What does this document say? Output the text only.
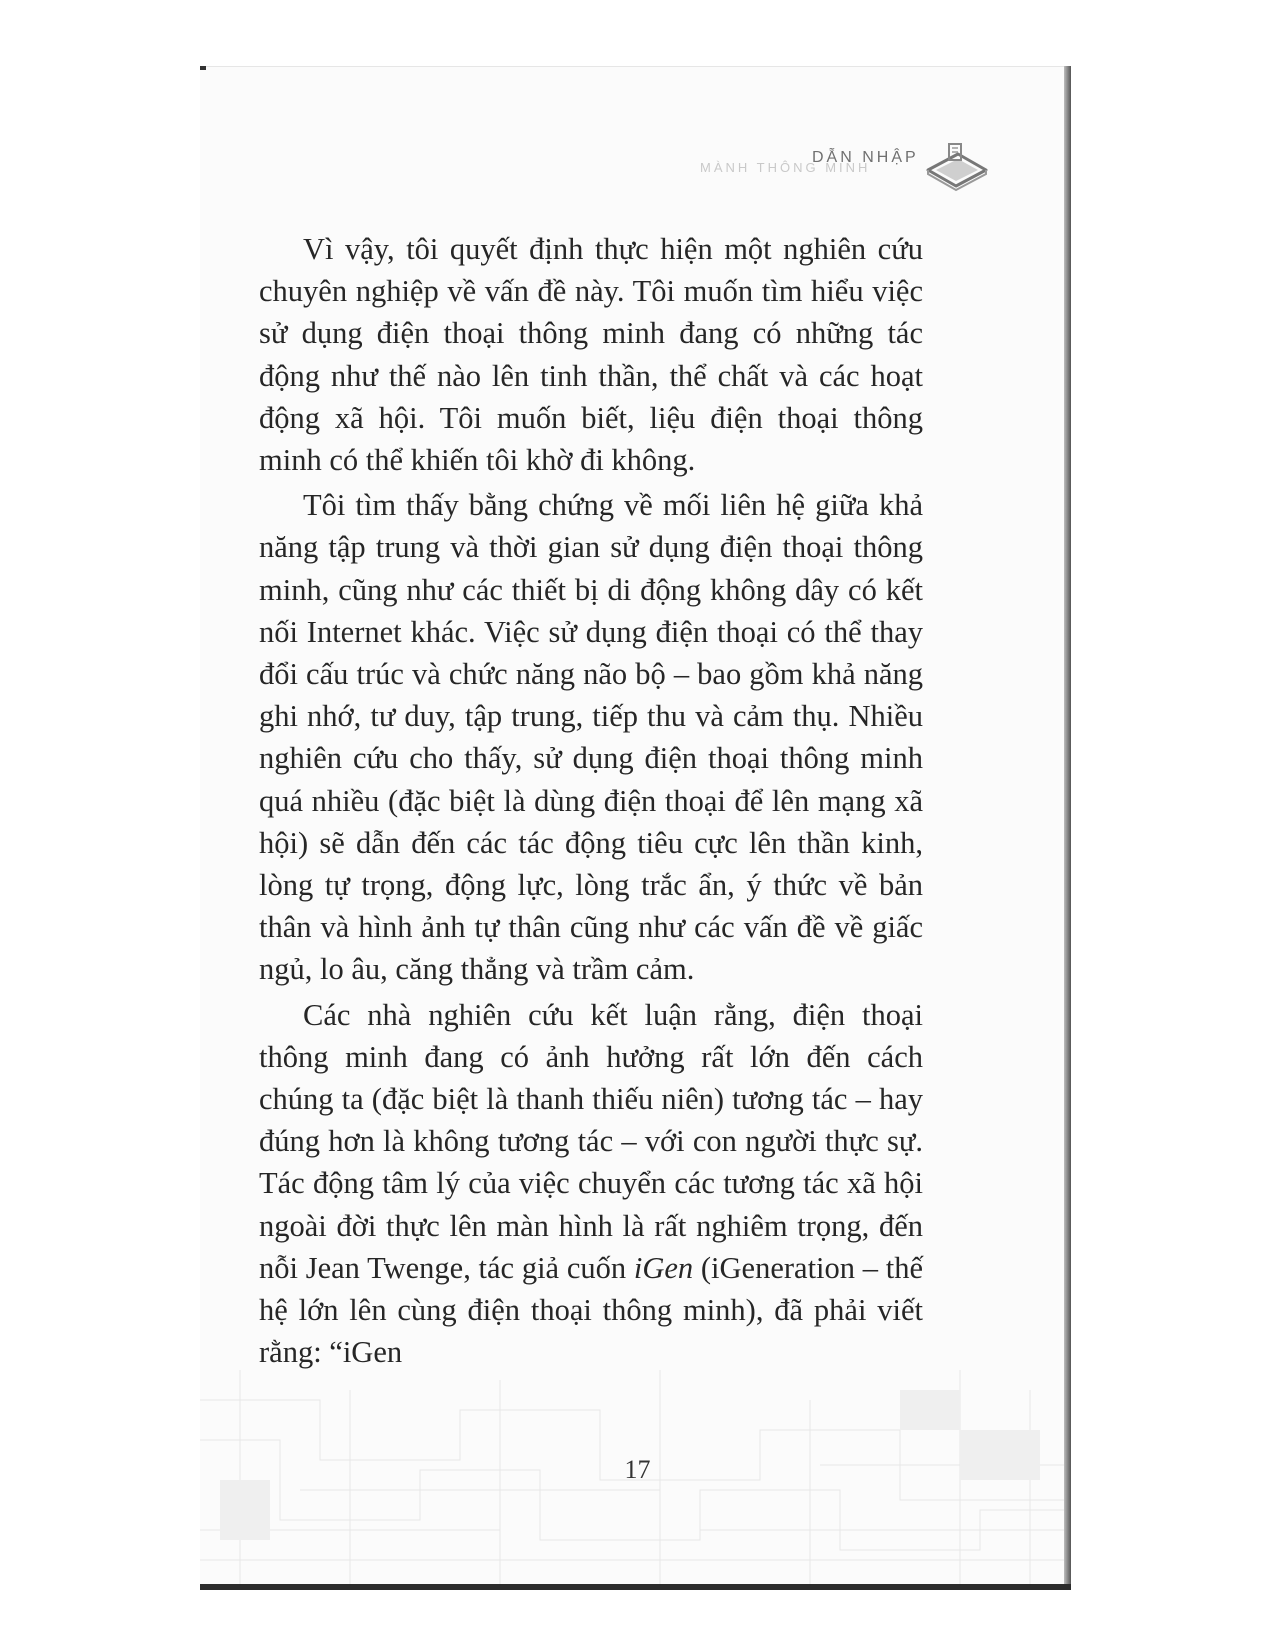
MÀNH THÔNG MINH
DẪN NHẬP

Vì vậy, tôi quyết định thực hiện một nghiên cứu chuyên nghiệp về vấn đề này. Tôi muốn tìm hiểu việc sử dụng điện thoại thông minh đang có những tác động như thế nào lên tinh thần, thể chất và các hoạt động xã hội. Tôi muốn biết, liệu điện thoại thông minh có thể khiến tôi khờ đi không.

Tôi tìm thấy bằng chứng về mối liên hệ giữa khả năng tập trung và thời gian sử dụng điện thoại thông minh, cũng như các thiết bị di động không dây có kết nối Internet khác. Việc sử dụng điện thoại có thể thay đổi cấu trúc và chức năng não bộ – bao gồm khả năng ghi nhớ, tư duy, tập trung, tiếp thu và cảm thụ. Nhiều nghiên cứu cho thấy, sử dụng điện thoại thông minh quá nhiều (đặc biệt là dùng điện thoại để lên mạng xã hội) sẽ dẫn đến các tác động tiêu cực lên thần kinh, lòng tự trọng, động lực, lòng trắc ẩn, ý thức về bản thân và hình ảnh tự thân cũng như các vấn đề về giấc ngủ, lo âu, căng thẳng và trầm cảm.

Các nhà nghiên cứu kết luận rằng, điện thoại thông minh đang có ảnh hưởng rất lớn đến cách chúng ta (đặc biệt là thanh thiếu niên) tương tác – hay đúng hơn là không tương tác – với con người thực sự. Tác động tâm lý của việc chuyển các tương tác xã hội ngoài đời thực lên màn hình là rất nghiêm trọng, đến nỗi Jean Twenge, tác giả cuốn iGen (iGeneration – thế hệ lớn lên cùng điện thoại thông minh), đã phải viết rằng: “iGen

17
